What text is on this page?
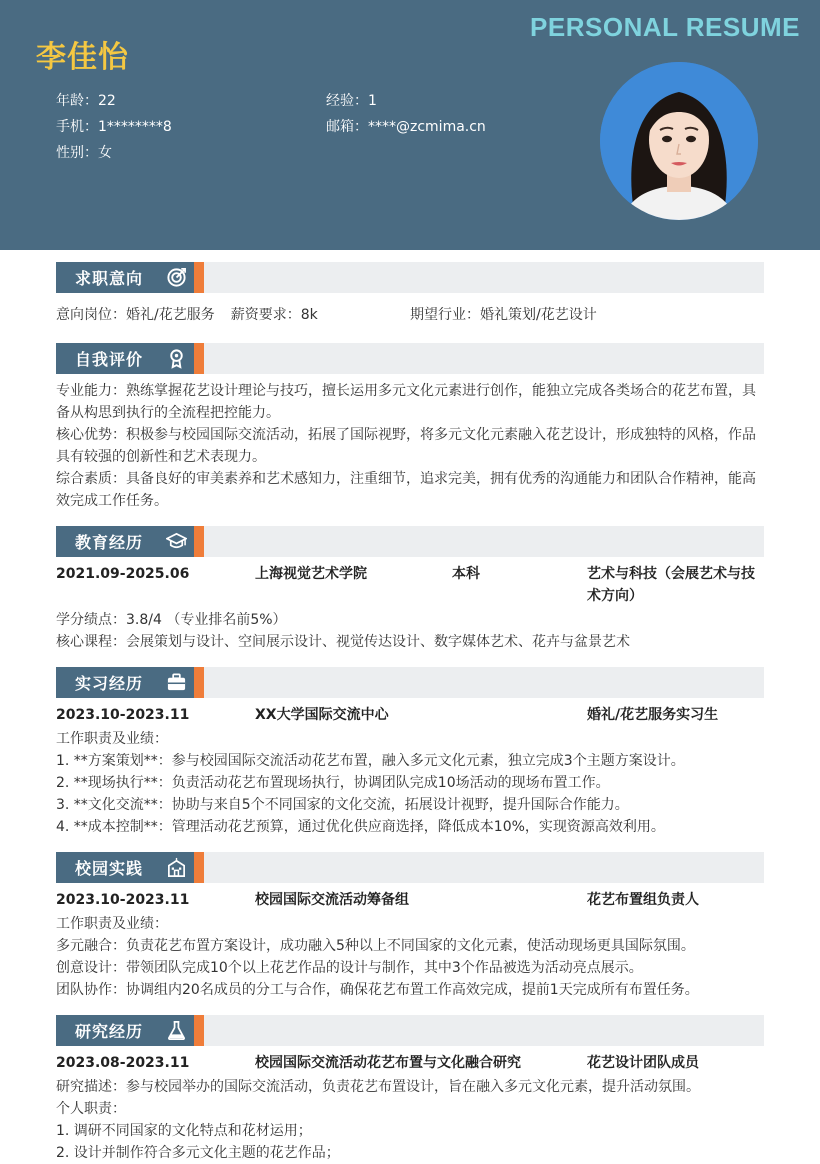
PERSONAL RESUME
李佳怡
年龄：22	经验：1
手机：1********8	邮箱：****@zcmima.cn
性别：女
求职意向
意向岗位：婚礼/花艺服务 薪资要求：8k	期望行业：婚礼策划/花艺设计
自我评价
专业能力：熟练掌握花艺设计理论与技巧，擅长运用多元文化元素进行创作，能独立完成各类场合的花艺布置，具备从构思到执行的全流程把控能力。
核心优势：积极参与校园国际交流活动，拓展了国际视野，将多元文化元素融入花艺设计，形成独特的风格，作品具有较强的创新性和艺术表现力。
综合素质：具备良好的审美素养和艺术感知力，注重细节，追求完美，拥有优秀的沟通能力和团队合作精神，能高效完成工作任务。
教育经历
2021.09-2025.06	上海视觉艺术学院	本科	艺术与科技（会展艺术与技术方向）
学分绩点：3.8/4 （专业排名前5%）
核心课程：会展策划与设计、空间展示设计、视觉传达设计、数字媒体艺术、花卉与盆景艺术
实习经历
2023.10-2023.11	XX大学国际交流中心	婚礼/花艺服务实习生
工作职责及业绩：
1. **方案策划**：参与校园国际交流活动花艺布置，融入多元文化元素，独立完成3个主题方案设计。
2. **现场执行**：负责活动花艺布置现场执行，协调团队完成10场活动的现场布置工作。
3. **文化交流**：协助与来自5个不同国家的文化交流，拓展设计视野，提升国际合作能力。
4. **成本控制**：管理活动花艺预算，通过优化供应商选择，降低成本10%，实现资源高效利用。
校园实践
2023.10-2023.11	校园国际交流活动筹备组	花艺布置组负责人
工作职责及业绩：
多元融合：负责花艺布置方案设计，成功融入5种以上不同国家的文化元素，使活动现场更具国际氛围。
创意设计：带领团队完成10个以上花艺作品的设计与制作，其中3个作品被选为活动亮点展示。
团队协作：协调组内20名成员的分工与合作，确保花艺布置工作高效完成，提前1天完成所有布置任务。
研究经历
2023.08-2023.11	校园国际交流活动花艺布置与文化融合研究	花艺设计团队成员
研究描述：参与校园举办的国际交流活动，负责花艺布置设计，旨在融入多元文化元素，提升活动氛围。
个人职责：
1. 调研不同国家的文化特点和花材运用；
2. 设计并制作符合多元文化主题的花艺作品；
